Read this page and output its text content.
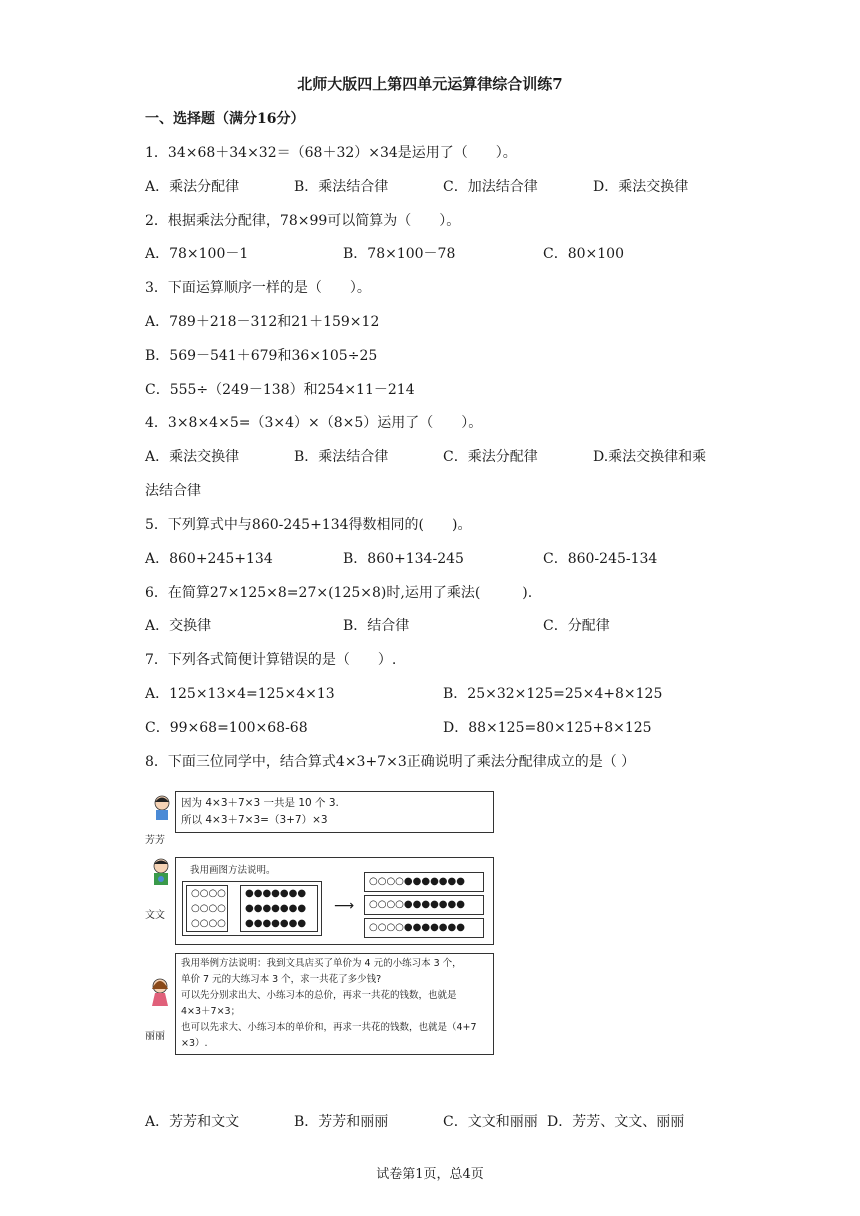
北师大版四上第四单元运算律综合训练7
一、选择题（满分16分）
1．34×68＋34×32＝（68＋32）×34是运用了（　　）。
A．乘法分配律	B．乘法结合律	C．加法结合律	D．乘法交换律
2．根据乘法分配律，78×99可以简算为（　　）。
A．78×100－1	B．78×100－78	C．80×100
3．下面运算顺序一样的是（　　）。
A．789＋218－312和21＋159×12
B．569－541＋679和36×105÷25
C．555÷（249－138）和254×11－214
4．3×8×4×5=（3×4）×（8×5）运用了（　　）。
A．乘法交换律	B．乘法结合律	C．乘法分配律	D.乘法交换律和乘
法结合律
5．下列算式中与860-245+134得数相同的(　　)。
A．860+245+134	B．860+134-245	C．860-245-134
6．在简算27×125×8=27×(125×8)时,运用了乘法(　　　).
A．交换律	B．结合律	C．分配律
7．下列各式简便计算错误的是（　　）.
A．125×13×4=125×4×13	B．25×32×125=25×4+8×125
C．99×68=100×68-68	D．88×125=80×125+8×125
8．下面三位同学中，结合算式4×3+7×3正确说明了乘法分配律成立的是（ ）
芳芳
因为 4×3＋7×3 一共是 10 个 3.
所以 4×3＋7×3=（3+7）×3
文文
我用画图方法说明。
○○○○
○○○○
○○○○
●●●●●●●
●●●●●●●
●●●●●●●
⟶
○○○○●●●●●●●
○○○○●●●●●●●
○○○○●●●●●●●
丽丽
我用举例方法说明：我到文具店买了单价为 4 元的小练习本 3 个，
单价 7 元的大练习本 3 个，求一共花了多少钱?
可以先分别求出大、小练习本的总价，再求一共花的钱数，也就是
4×3＋7×3；
也可以先求大、小练习本的单价和，再求一共花的钱数，也就是（4+7
×3）.
A．芳芳和文文	B．芳芳和丽丽	C．文文和丽丽 D．芳芳、文文、丽丽
试卷第1页，总4页
